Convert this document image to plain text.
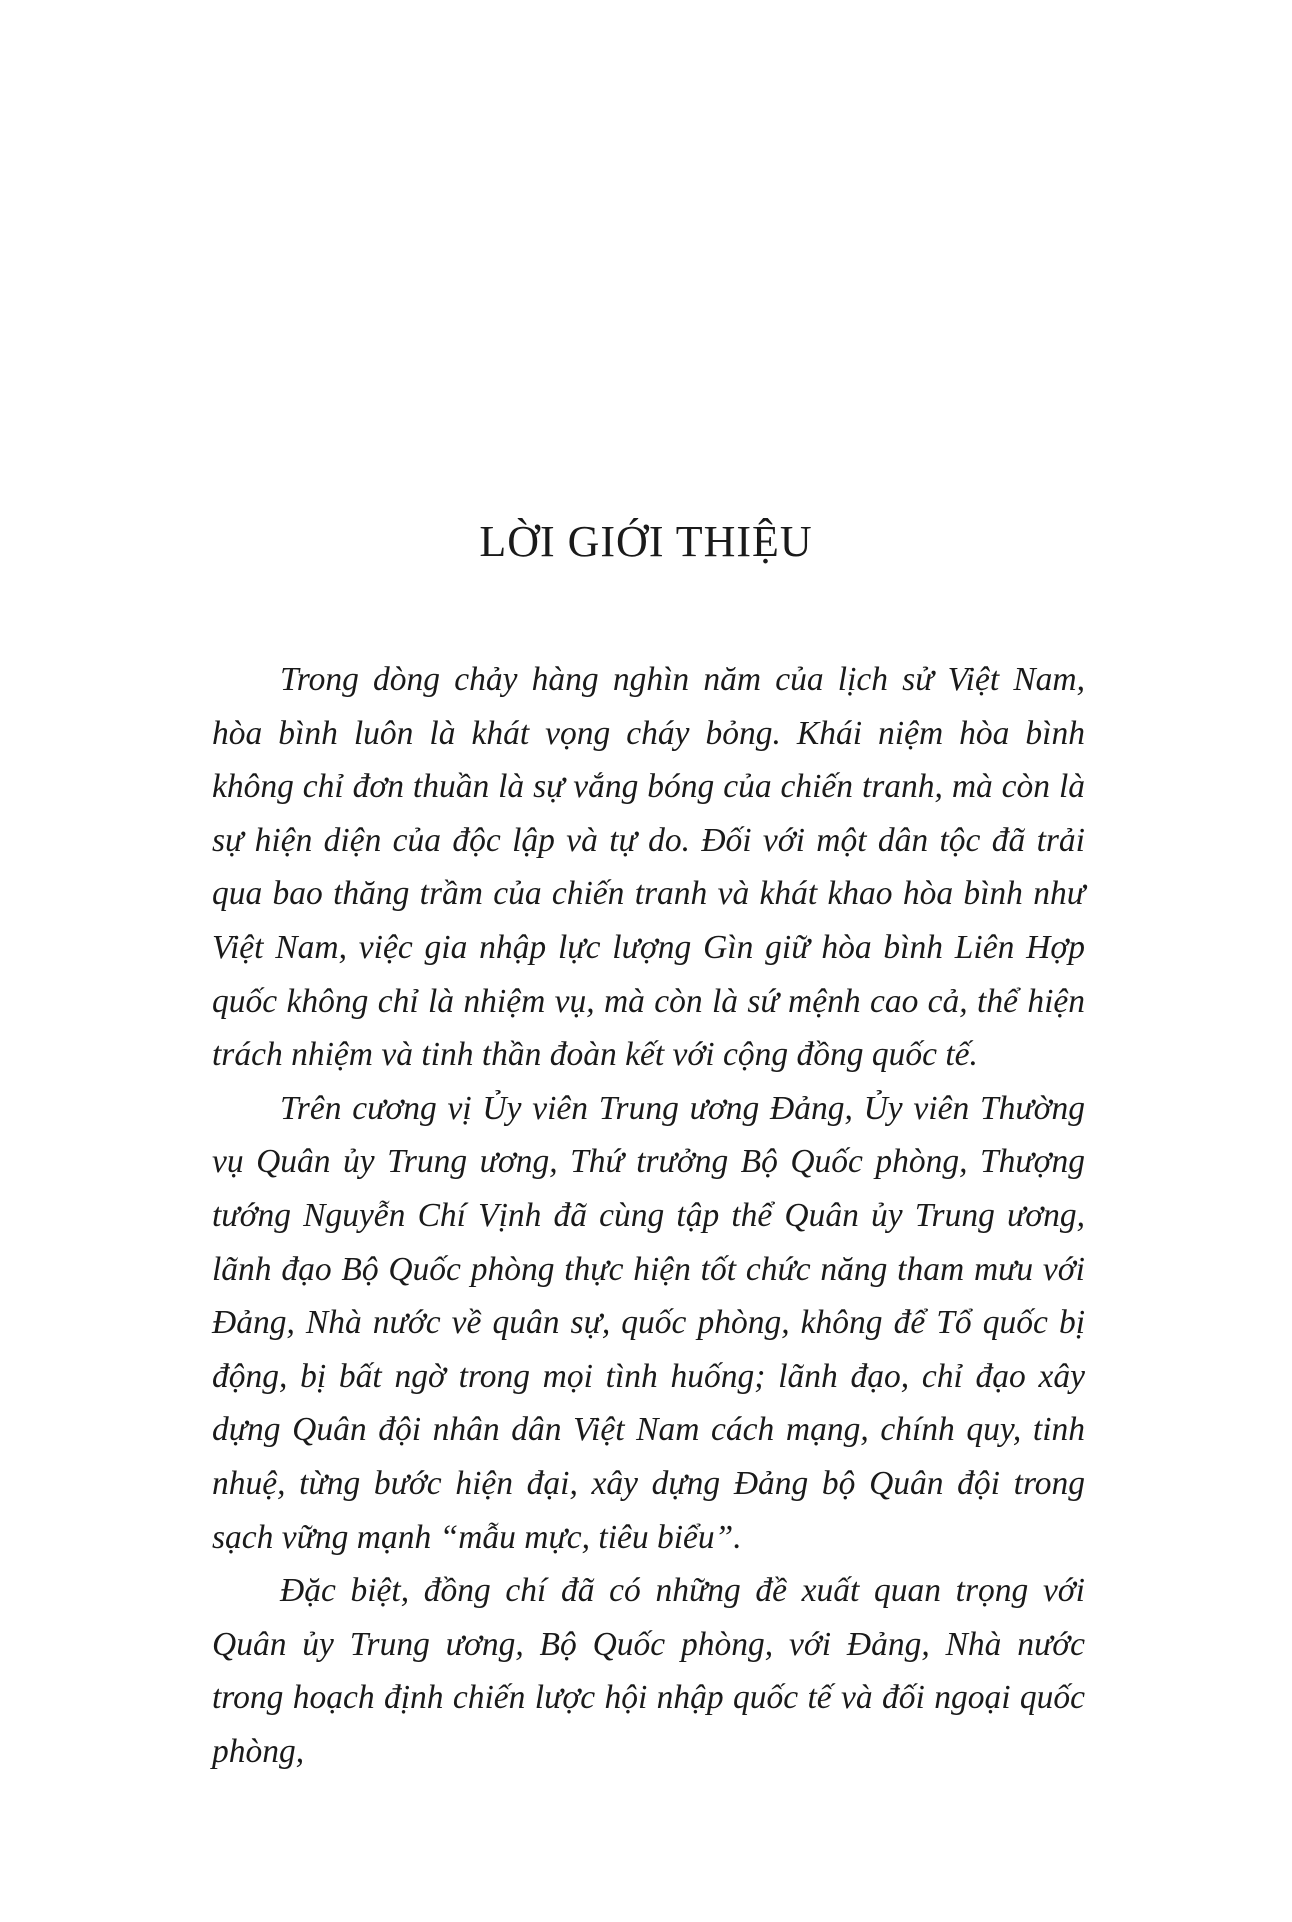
LỜI GIỚI THIỆU

Trong dòng chảy hàng nghìn năm của lịch sử Việt Nam, hòa bình luôn là khát vọng cháy bỏng. Khái niệm hòa bình không chỉ đơn thuần là sự vắng bóng của chiến tranh, mà còn là sự hiện diện của độc lập và tự do. Đối với một dân tộc đã trải qua bao thăng trầm của chiến tranh và khát khao hòa bình như Việt Nam, việc gia nhập lực lượng Gìn giữ hòa bình Liên Hợp quốc không chỉ là nhiệm vụ, mà còn là sứ mệnh cao cả, thể hiện trách nhiệm và tinh thần đoàn kết với cộng đồng quốc tế.

Trên cương vị Ủy viên Trung ương Đảng, Ủy viên Thường vụ Quân ủy Trung ương, Thứ trưởng Bộ Quốc phòng, Thượng tướng Nguyễn Chí Vịnh đã cùng tập thể Quân ủy Trung ương, lãnh đạo Bộ Quốc phòng thực hiện tốt chức năng tham mưu với Đảng, Nhà nước về quân sự, quốc phòng, không để Tổ quốc bị động, bị bất ngờ trong mọi tình huống; lãnh đạo, chỉ đạo xây dựng Quân đội nhân dân Việt Nam cách mạng, chính quy, tinh nhuệ, từng bước hiện đại, xây dựng Đảng bộ Quân đội trong sạch vững mạnh “mẫu mực, tiêu biểu”.

Đặc biệt, đồng chí đã có những đề xuất quan trọng với Quân ủy Trung ương, Bộ Quốc phòng, với Đảng, Nhà nước trong hoạch định chiến lược hội nhập quốc tế và đối ngoại quốc phòng,
